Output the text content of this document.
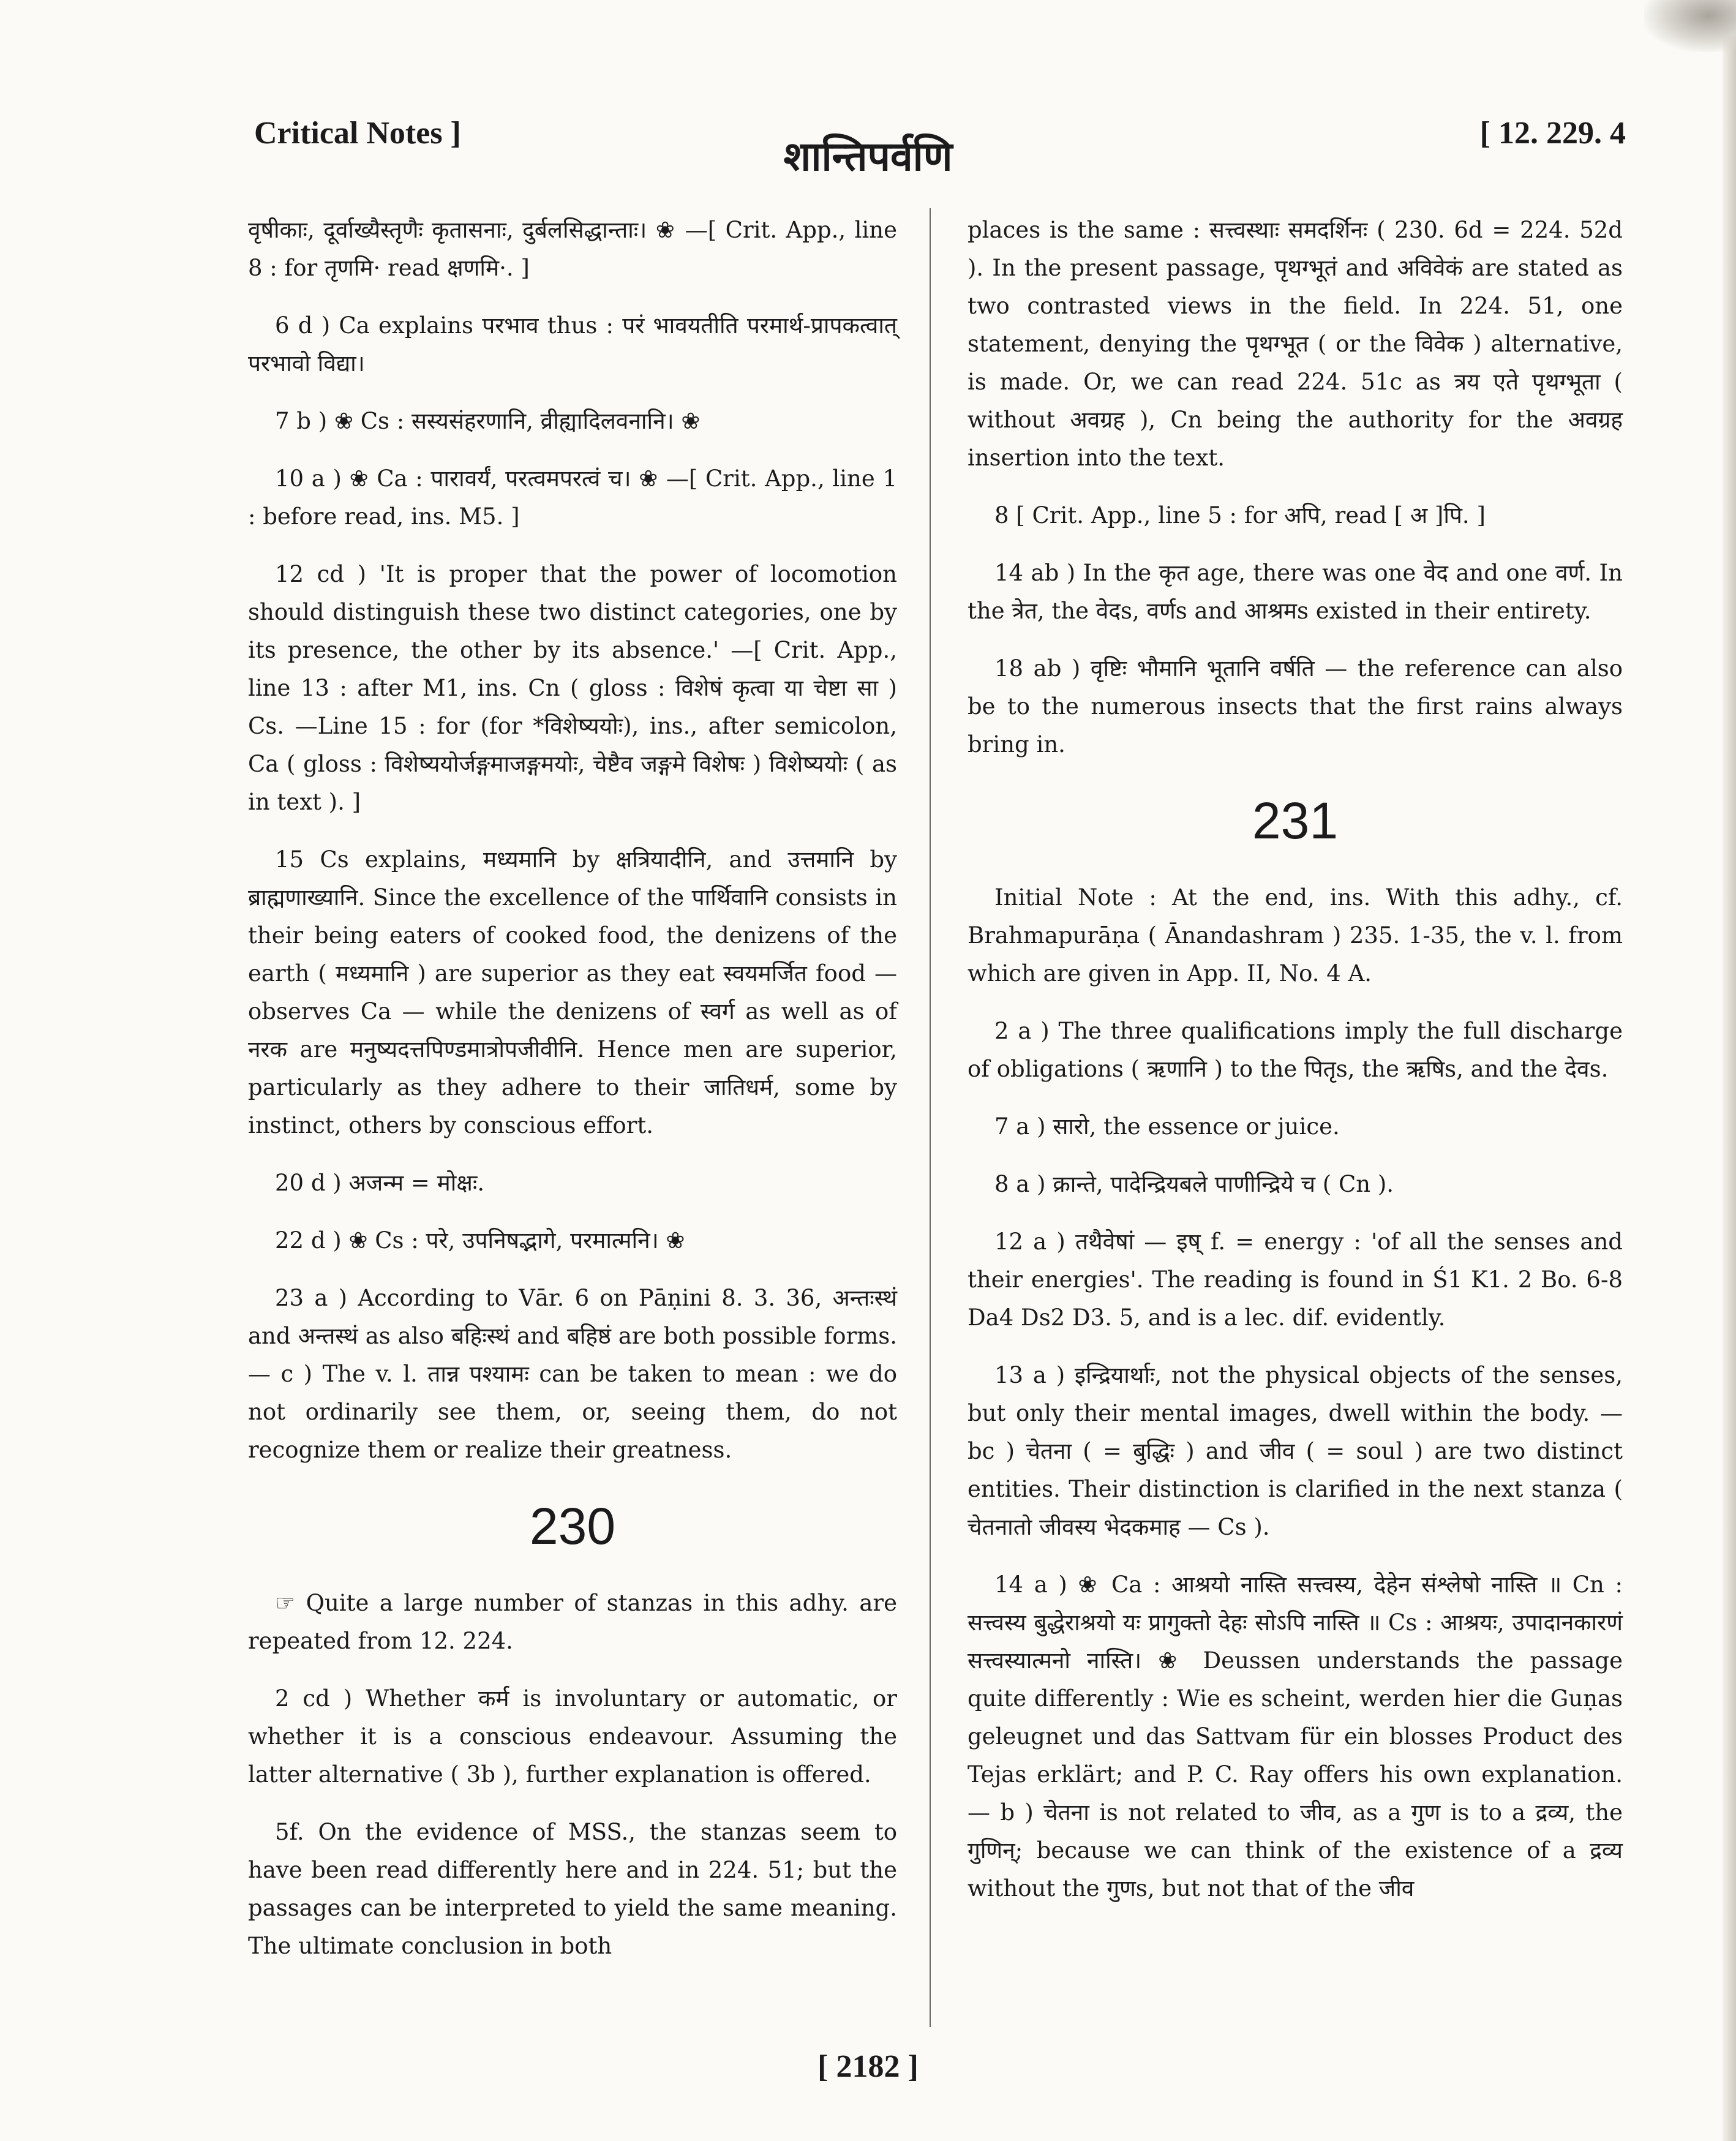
Critical Notes ]
शान्तिपर्वणि
[ 12. 229. 4

वृषीकाः, दूर्वाख्यैस्तृणैः कृतासनाः, दुर्बलसिद्धान्ताः। ❀ —[ Crit. App., line 8 : for तृणमि· read क्षणमि·. ]

6 d ) Ca explains परभाव thus : परं भावयतीति परमार्थ-प्रापकत्वात् परभावो विद्या।

7 b ) ❀ Cs : सस्यसंहरणानि, व्रीह्यादिलवनानि। ❀

10 a ) ❀ Ca : पारावर्यं, परत्वमपरत्वं च। ❀ —[ Crit. App., line 1 : before read, ins. M5. ]

12 cd ) 'It is proper that the power of locomotion should distinguish these two distinct categories, one by its presence, the other by its absence.' —[ Crit. App., line 13 : after M1, ins. Cn ( gloss : विशेषं कृत्वा या चेष्टा सा ) Cs. —Line 15 : for (for *विशेष्ययोः), ins., after semicolon, Ca ( gloss : विशेष्ययोर्जङ्गमाजङ्गमयोः, चेष्टैव जङ्गमे विशेषः ) विशेष्ययोः ( as in text ). ]

15 Cs explains, मध्यमानि by क्षत्रियादीनि, and उत्तमानि by ब्राह्मणाख्यानि. Since the excellence of the पार्थिवानि consists in their being eaters of cooked food, the denizens of the earth ( मध्यमानि ) are superior as they eat स्वयमर्जित food — observes Ca — while the denizens of स्वर्ग as well as of नरक are मनुष्यदत्तपिण्डमात्रोपजीवीनि. Hence men are superior, particularly as they adhere to their जातिधर्म, some by instinct, others by conscious effort.

20 d ) अजन्म = मोक्षः.

22 d ) ❀ Cs : परे, उपनिषद्भागे, परमात्मनि। ❀

23 a ) According to Vār. 6 on Pāṇini 8. 3. 36, अन्तःस्थं and अन्तस्थं as also बहिःस्थं and बहिष्ठं are both possible forms. — c ) The v. l. तान्न पश्यामः can be taken to mean : we do not ordinarily see them, or, seeing them, do not recognize them or realize their greatness.

230

☞ Quite a large number of stanzas in this adhy. are repeated from 12. 224.

2 cd ) Whether कर्म is involuntary or automatic, or whether it is a conscious endeavour. Assuming the latter alternative ( 3b ), further explanation is offered.

5f. On the evidence of MSS., the stanzas seem to have been read differently here and in 224. 51; but the passages can be interpreted to yield the same meaning. The ultimate conclusion in both

places is the same : सत्त्वस्थाः समदर्शिनः ( 230. 6d = 224. 52d ). In the present passage, पृथग्भूतं and अविवेकं are stated as two contrasted views in the field. In 224. 51, one statement, denying the पृथग्भूत ( or the विवेक ) alternative, is made. Or, we can read 224. 51c as त्रय एते पृथग्भूता ( without अवग्रह ), Cn being the authority for the अवग्रह insertion into the text.

8 [ Crit. App., line 5 : for अपि, read [ अ ]पि. ]

14 ab ) In the कृत age, there was one वेद and one वर्ण. In the त्रेत, the वेदs, वर्णs and आश्रमs existed in their entirety.

18 ab ) वृष्टिः भौमानि भूतानि वर्षति — the reference can also be to the numerous insects that the first rains always bring in.

231

Initial Note : At the end, ins. With this adhy., cf. Brahmapurāṇa ( Ānandashram ) 235. 1-35, the v. l. from which are given in App. II, No. 4 A.

2 a ) The three qualifications imply the full discharge of obligations ( ऋणानि ) to the पितृs, the ऋषिs, and the देवs.

7 a ) सारो, the essence or juice.

8 a ) क्रान्ते, पादेन्द्रियबले पाणीन्द्रिये च ( Cn ).

12 a ) तथैवेषां — इष् f. = energy : 'of all the senses and their energies'. The reading is found in Ś1 K1. 2 Bo. 6-8 Da4 Ds2 D3. 5, and is a lec. dif. evidently.

13 a ) इन्द्रियार्थाः, not the physical objects of the senses, but only their mental images, dwell within the body. — bc ) चेतना ( = बुद्धिः ) and जीव ( = soul ) are two distinct entities. Their distinction is clarified in the next stanza ( चेतनातो जीवस्य भेदकमाह — Cs ).

14 a ) ❀ Ca : आश्रयो नास्ति सत्त्वस्य, देहेन संश्लेषो नास्ति ॥ Cn : सत्त्वस्य बुद्धेराश्रयो यः प्रागुक्तो देहः सोऽपि नास्ति ॥ Cs : आश्रयः, उपादानकारणं सत्त्वस्यात्मनो नास्ति। ❀ Deussen understands the passage quite differently : Wie es scheint, werden hier die Guṇas geleugnet und das Sattvam für ein blosses Product des Tejas erklärt; and P. C. Ray offers his own explanation. — b ) चेतना is not related to जीव, as a गुण is to a द्रव्य, the गुणिन्; because we can think of the existence of a द्रव्य without the गुणs, but not that of the जीव

[ 2182 ]
